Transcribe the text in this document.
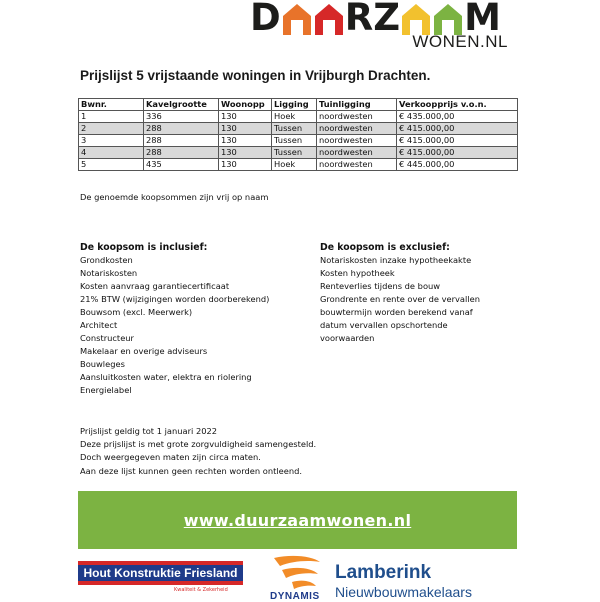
D R Z M
WONEN.NL
Prijslijst 5 vrijstaande woningen in Vrijburgh Drachten.
Bwnr.	Kavelgrootte	Woonopp	Ligging	Tuinligging	Verkoopprijs v.o.n.
1	336	130	Hoek	noordwesten	€ 435.000,00
2	288	130	Tussen	noordwesten	€ 415.000,00
3	288	130	Tussen	noordwesten	€ 415.000,00
4	288	130	Tussen	noordwesten	€ 415.000,00
5	435	130	Hoek	noordwesten	€ 445.000,00
De genoemde koopsommen zijn vrij op naam
De koopsom is inclusief:
Grondkosten
Notariskosten
Kosten aanvraag garantiecertificaat
21% BTW (wijzigingen worden doorberekend)
Bouwsom (excl. Meerwerk)
Architect
Constructeur
Makelaar en overige adviseurs
Bouwleges
Aansluitkosten water, elektra en riolering
Energielabel
De koopsom is exclusief:
Notariskosten inzake hypotheekakte
Kosten hypotheek
Renteverlies tijdens de bouw
Grondrente en rente over de vervallen
bouwtermijn worden berekend vanaf
datum vervallen opschortende
voorwaarden
Prijslijst geldig tot 1 januari 2022
Deze prijslijst is met grote zorgvuldigheid samengesteld.
Doch weergegeven maten zijn circa maten.
Aan deze lijst kunnen geen rechten worden ontleend.
www.duurzaamwonen.nl
Hout Konstruktie Friesland
Kwaliteit & Zekerheid
DYNAMIS
Lamberink
Nieuwbouwmakelaars
